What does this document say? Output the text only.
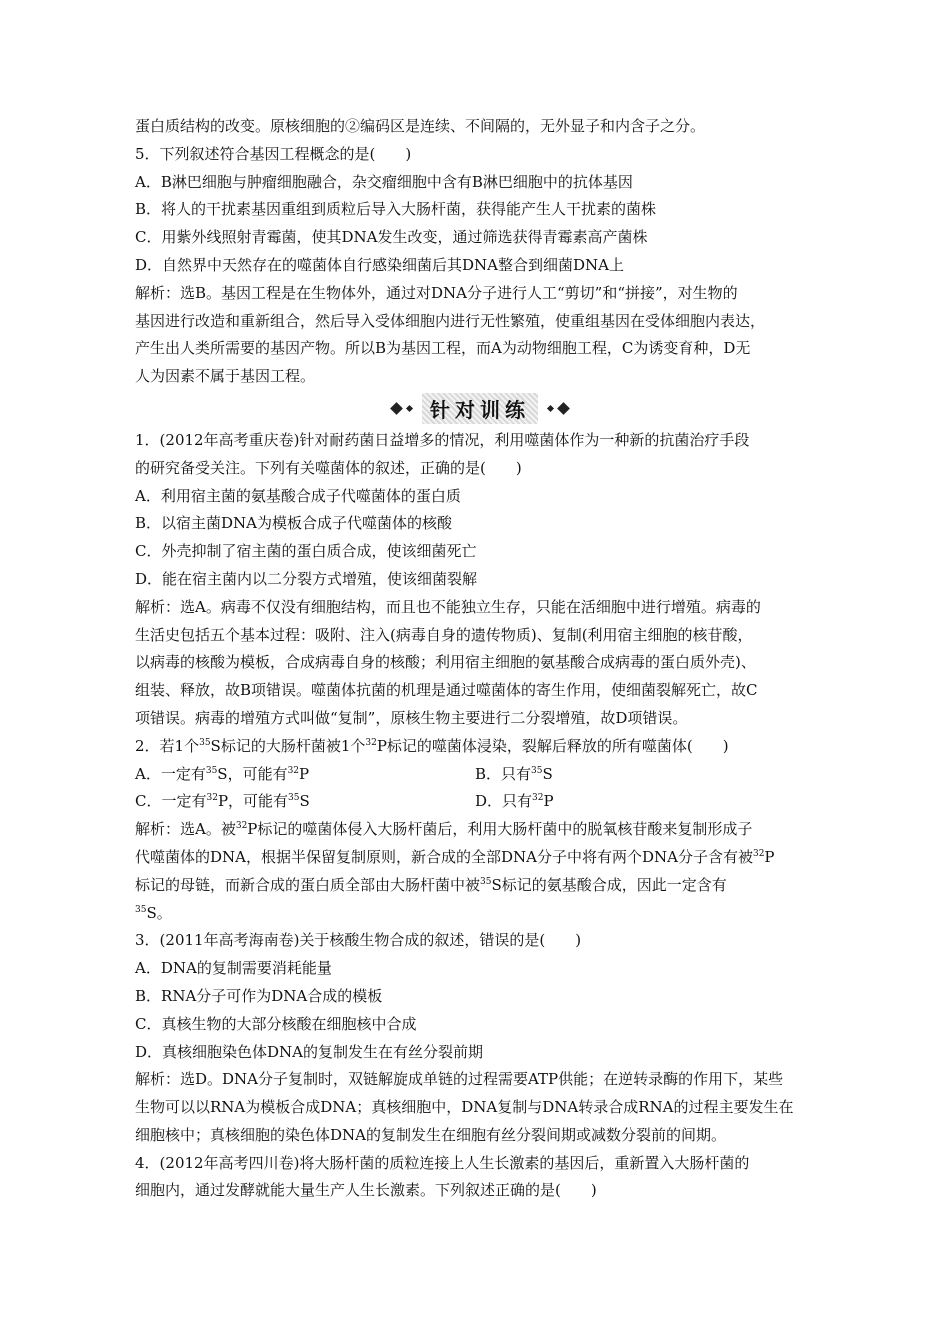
蛋白质结构的改变。原核细胞的②编码区是连续、不间隔的，无外显子和内含子之分。
5．下列叙述符合基因工程概念的是(　　)
A．B淋巴细胞与肿瘤细胞融合，杂交瘤细胞中含有B淋巴细胞中的抗体基因
B．将人的干扰素基因重组到质粒后导入大肠杆菌，获得能产生人干扰素的菌株
C．用紫外线照射青霉菌，使其DNA发生改变，通过筛选获得青霉素高产菌株
D．自然界中天然存在的噬菌体自行感染细菌后其DNA整合到细菌DNA上
解析：选B。基因工程是在生物体外，通过对DNA分子进行人工“剪切”和“拼接”，对生物的
基因进行改造和重新组合，然后导入受体细胞内进行无性繁殖，使重组基因在受体细胞内表达，
产生出人类所需要的基因产物。所以B为基因工程，而A为动物细胞工程，C为诱变育种，D无
人为因素不属于基因工程。
针对训练
1．(2012年高考重庆卷)针对耐药菌日益增多的情况，利用噬菌体作为一种新的抗菌治疗手段
的研究备受关注。下列有关噬菌体的叙述，正确的是(　　)
A．利用宿主菌的氨基酸合成子代噬菌体的蛋白质
B．以宿主菌DNA为模板合成子代噬菌体的核酸
C．外壳抑制了宿主菌的蛋白质合成，使该细菌死亡
D．能在宿主菌内以二分裂方式增殖，使该细菌裂解
解析：选A。病毒不仅没有细胞结构，而且也不能独立生存，只能在活细胞中进行增殖。病毒的
生活史包括五个基本过程：吸附、注入(病毒自身的遗传物质)、复制(利用宿主细胞的核苷酸，
以病毒的核酸为模板，合成病毒自身的核酸；利用宿主细胞的氨基酸合成病毒的蛋白质外壳)、
组装、释放，故B项错误。噬菌体抗菌的机理是通过噬菌体的寄生作用，使细菌裂解死亡，故C
项错误。病毒的增殖方式叫做“复制”，原核生物主要进行二分裂增殖，故D项错误。
2．若1个$^{35}$S标记的大肠杆菌被1个$^{32}$P标记的噬菌体浸染，裂解后释放的所有噬菌体(　　)
A．一定有$^{35}$S，可能有$^{32}$P	B．只有$^{35}$S
C．一定有$^{32}$P，可能有$^{35}$S	D．只有$^{32}$P
解析：选A。被$^{32}$P标记的噬菌体侵入大肠杆菌后，利用大肠杆菌中的脱氧核苷酸来复制形成子
代噬菌体的DNA，根据半保留复制原则，新合成的全部DNA分子中将有两个DNA分子含有被$^{32}$P
标记的母链，而新合成的蛋白质全部由大肠杆菌中被$^{35}$S标记的氨基酸合成，因此一定含有
$^{35}$S。
3．(2011年高考海南卷)关于核酸生物合成的叙述，错误的是(　　)
A．DNA的复制需要消耗能量
B．RNA分子可作为DNA合成的模板
C．真核生物的大部分核酸在细胞核中合成
D．真核细胞染色体DNA的复制发生在有丝分裂前期
解析：选D。DNA分子复制时，双链解旋成单链的过程需要ATP供能；在逆转录酶的作用下，某些
生物可以以RNA为模板合成DNA；真核细胞中，DNA复制与DNA转录合成RNA的过程主要发生在
细胞核中；真核细胞的染色体DNA的复制发生在细胞有丝分裂间期或减数分裂前的间期。
4．(2012年高考四川卷)将大肠杆菌的质粒连接上人生长激素的基因后，重新置入大肠杆菌的
细胞内，通过发酵就能大量生产人生长激素。下列叙述正确的是(　　)
